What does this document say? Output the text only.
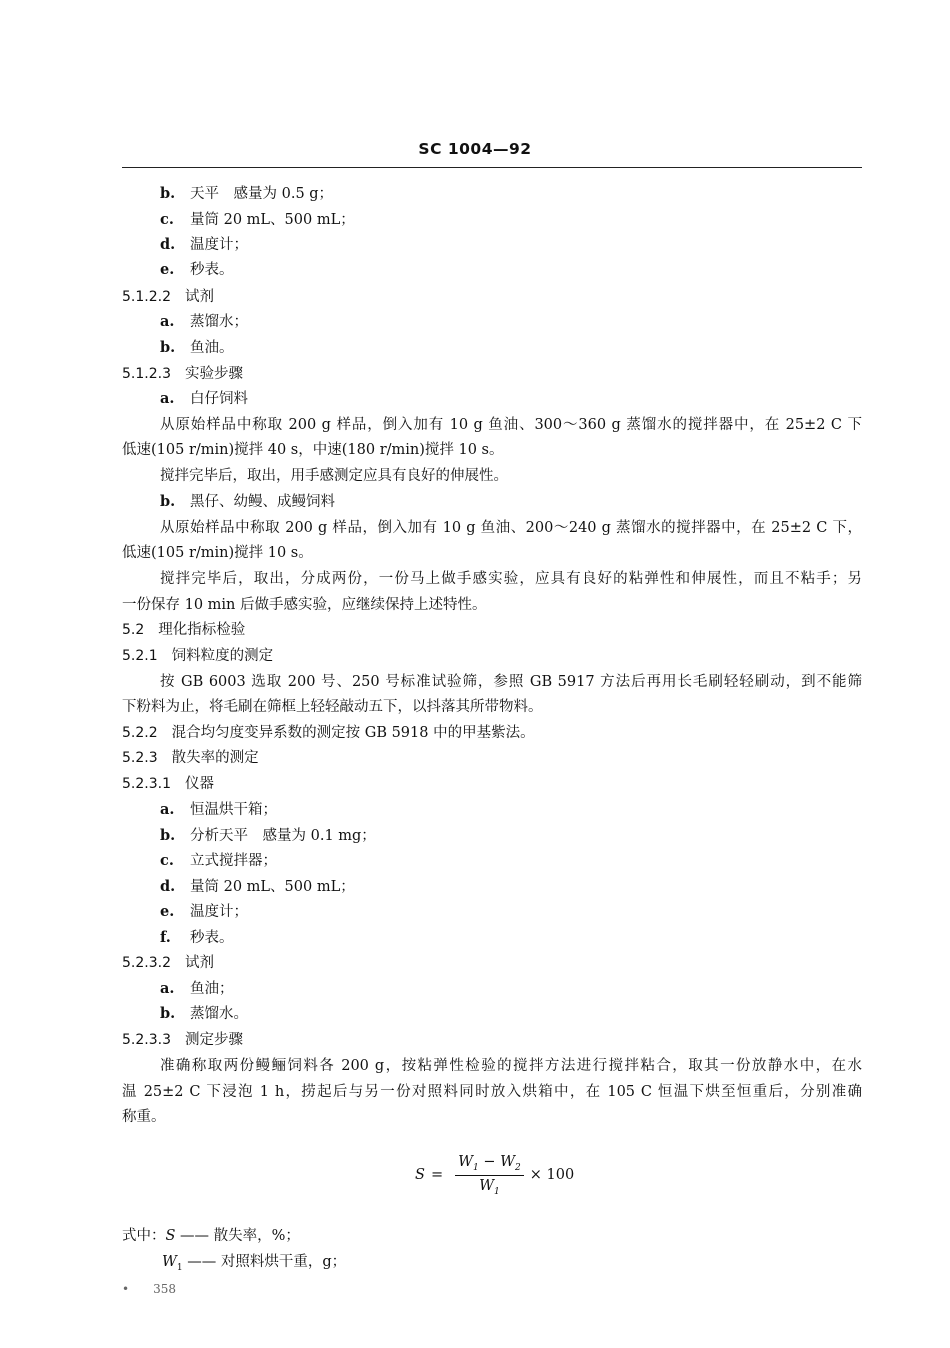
SC 1004—92
b. 天平　感量为 0.5 g；
c. 量筒 20 mL、500 mL；
d. 温度计；
e. 秒表。
5.1.2.2 试剂
a. 蒸馏水；
b. 鱼油。
5.1.2.3 实验步骤
a. 白仔饲料
从原始样品中称取 200 g 样品，倒入加有 10 g 鱼油、300～360 g 蒸馏水的搅拌器中，在 25±2 C 下
低速(105 r/min)搅拌 40 s，中速(180 r/min)搅拌 10 s。
搅拌完毕后，取出，用手感测定应具有良好的伸展性。
b. 黑仔、幼鳗、成鳗饲料
从原始样品中称取 200 g 样品，倒入加有 10 g 鱼油、200～240 g 蒸馏水的搅拌器中，在 25±2 C 下，
低速(105 r/min)搅拌 10 s。
搅拌完毕后，取出，分成两份，一份马上做手感实验，应具有良好的粘弹性和伸展性，而且不粘手；另
一份保存 10 min 后做手感实验，应继续保持上述特性。
5.2 理化指标检验
5.2.1 饲料粒度的测定
按 GB 6003 选取 200 号、250 号标准试验筛，参照 GB 5917 方法后再用长毛刷轻轻刷动，到不能筛
下粉料为止，将毛刷在筛框上轻轻敲动五下，以抖落其所带物料。
5.2.2 混合均匀度变异系数的测定按 GB 5918 中的甲基紫法。
5.2.3 散失率的测定
5.2.3.1 仪器
a. 恒温烘干箱；
b. 分析天平　感量为 0.1 mg；
c. 立式搅拌器；
d. 量筒 20 mL、500 mL；
e. 温度计；
f. 秒表。
5.2.3.2 试剂
a. 鱼油；
b. 蒸馏水。
5.2.3.3 测定步骤
准确称取两份鳗鲡饲料各 200 g，按粘弹性检验的搅拌方法进行搅拌粘合，取其一份放静水中，在水
温 25±2 C 下浸泡 1 h，捞起后与另一份对照料同时放入烘箱中，在 105 C 恒温下烘至恒重后，分别准确
称重。
$S = \frac{W_1 - W_2}{W_1} \times 100$
式中：S —— 散失率，%；
$W_1$ —— 对照料烘干重，g；
• 358
